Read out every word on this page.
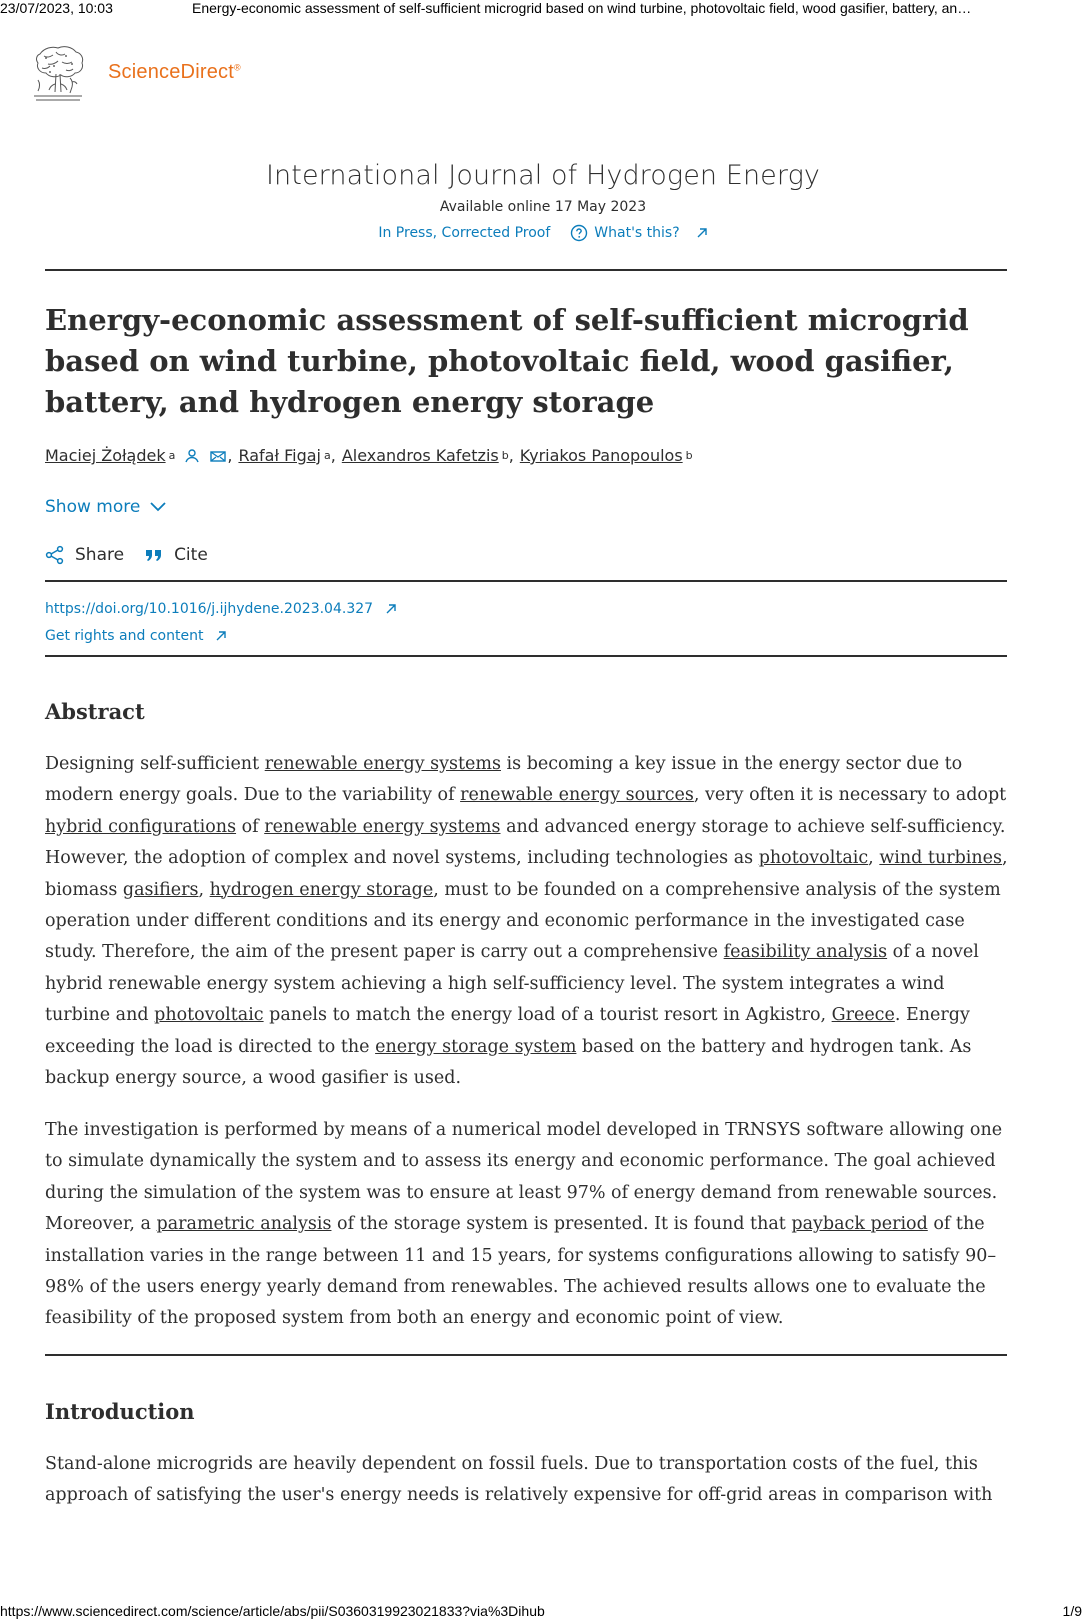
23/07/2023, 10:03	Energy-economic assessment of self-sufficient microgrid based on wind turbine, photovoltaic field, wood gasifier, battery, an…
ScienceDirect®
International Journal of Hydrogen Energy
Available online 17 May 2023
In Press, Corrected Proof	What's this?
Energy-economic assessment of self-sufficient microgrid based on wind turbine, photovoltaic field, wood gasifier, battery, and hydrogen energy storage
Maciej Żołądek a	, Rafał Figaj a , Alexandros Kafetzis b , Kyriakos Panopoulos b
Show more
Share	Cite
https://doi.org/10.1016/j.ijhydene.2023.04.327
Get rights and content
Abstract

Designing self-sufficient renewable energy systems is becoming a key issue in the energy sector due to modern energy goals. Due to the variability of renewable energy sources, very often it is necessary to adopt hybrid configurations of renewable energy systems and advanced energy storage to achieve self-sufficiency. However, the adoption of complex and novel systems, including technologies as photovoltaic, wind turbines, biomass gasifiers, hydrogen energy storage, must to be founded on a comprehensive analysis of the system operation under different conditions and its energy and economic performance in the investigated case study. Therefore, the aim of the present paper is carry out a comprehensive feasibility analysis of a novel hybrid renewable energy system achieving a high self-sufficiency level. The system integrates a wind turbine and photovoltaic panels to match the energy load of a tourist resort in Agkistro, Greece. Energy exceeding the load is directed to the energy storage system based on the battery and hydrogen tank. As backup energy source, a wood gasifier is used.

The investigation is performed by means of a numerical model developed in TRNSYS software allowing one to simulate dynamically the system and to assess its energy and economic performance. The goal achieved during the simulation of the system was to ensure at least 97% of energy demand from renewable sources. Moreover, a parametric analysis of the storage system is presented. It is found that payback period of the installation varies in the range between 11 and 15 years, for systems configurations allowing to satisfy 90–98% of the users energy yearly demand from renewables. The achieved results allows one to evaluate the feasibility of the proposed system from both an energy and economic point of view.

Introduction

Stand-alone microgrids are heavily dependent on fossil fuels. Due to transportation costs of the fuel, this approach of satisfying the user's energy needs is relatively expensive for off-grid areas in comparison with

https://www.sciencedirect.com/science/article/abs/pii/S0360319923021833?via%3Dihub	1/9
